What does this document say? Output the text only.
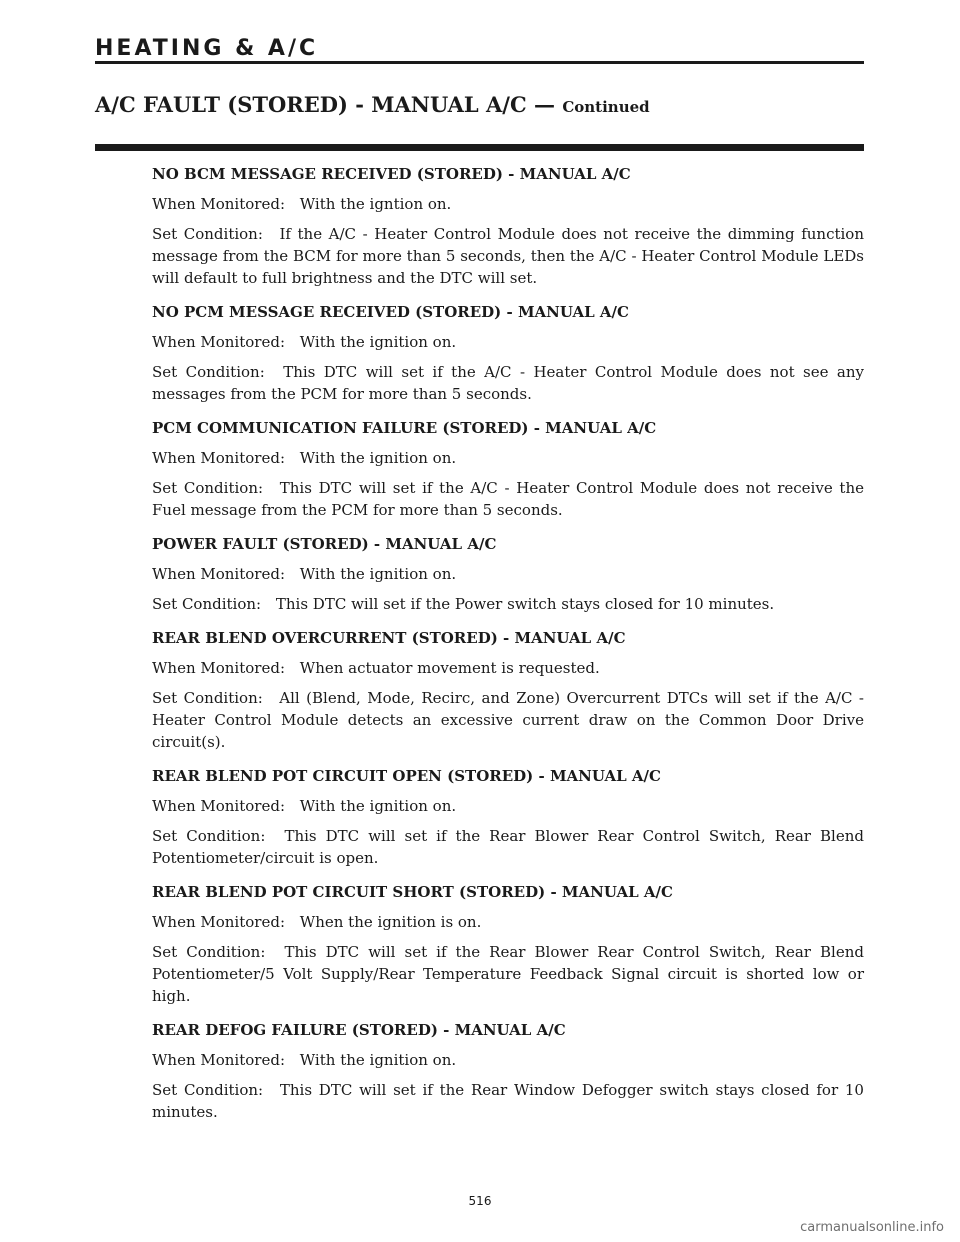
HEATING & A/C
A/C FAULT (STORED) - MANUAL A/C — Continued
NO BCM MESSAGE RECEIVED (STORED) - MANUAL A/C

When Monitored: With the igntion on.

Set Condition: If the A/C - Heater Control Module does not receive the dimming function message from the BCM for more than 5 seconds, then the A/C - Heater Control Module LEDs will default to full brightness and the DTC will set.

NO PCM MESSAGE RECEIVED (STORED) - MANUAL A/C

When Monitored: With the ignition on.

Set Condition: This DTC will set if the A/C - Heater Control Module does not see any messages from the PCM for more than 5 seconds.

PCM COMMUNICATION FAILURE (STORED) - MANUAL A/C

When Monitored: With the ignition on.

Set Condition: This DTC will set if the A/C - Heater Control Module does not receive the Fuel message from the PCM for more than 5 seconds.

POWER FAULT (STORED) - MANUAL A/C

When Monitored: With the ignition on.

Set Condition: This DTC will set if the Power switch stays closed for 10 minutes.

REAR BLEND OVERCURRENT (STORED) - MANUAL A/C

When Monitored: When actuator movement is requested.

Set Condition: All (Blend, Mode, Recirc, and Zone) Overcurrent DTCs will set if the A/C - Heater Control Module detects an excessive current draw on the Common Door Drive circuit(s).

REAR BLEND POT CIRCUIT OPEN (STORED) - MANUAL A/C

When Monitored: With the ignition on.

Set Condition: This DTC will set if the Rear Blower Rear Control Switch, Rear Blend Potentiometer/circuit is open.

REAR BLEND POT CIRCUIT SHORT (STORED) - MANUAL A/C

When Monitored: When the ignition is on.

Set Condition: This DTC will set if the Rear Blower Rear Control Switch, Rear Blend Potentiometer/5 Volt Supply/Rear Temperature Feedback Signal circuit is shorted low or high.

REAR DEFOG FAILURE (STORED) - MANUAL A/C

When Monitored: With the ignition on.

Set Condition: This DTC will set if the Rear Window Defogger switch stays closed for 10 minutes.

516
carmanualsonline.info
